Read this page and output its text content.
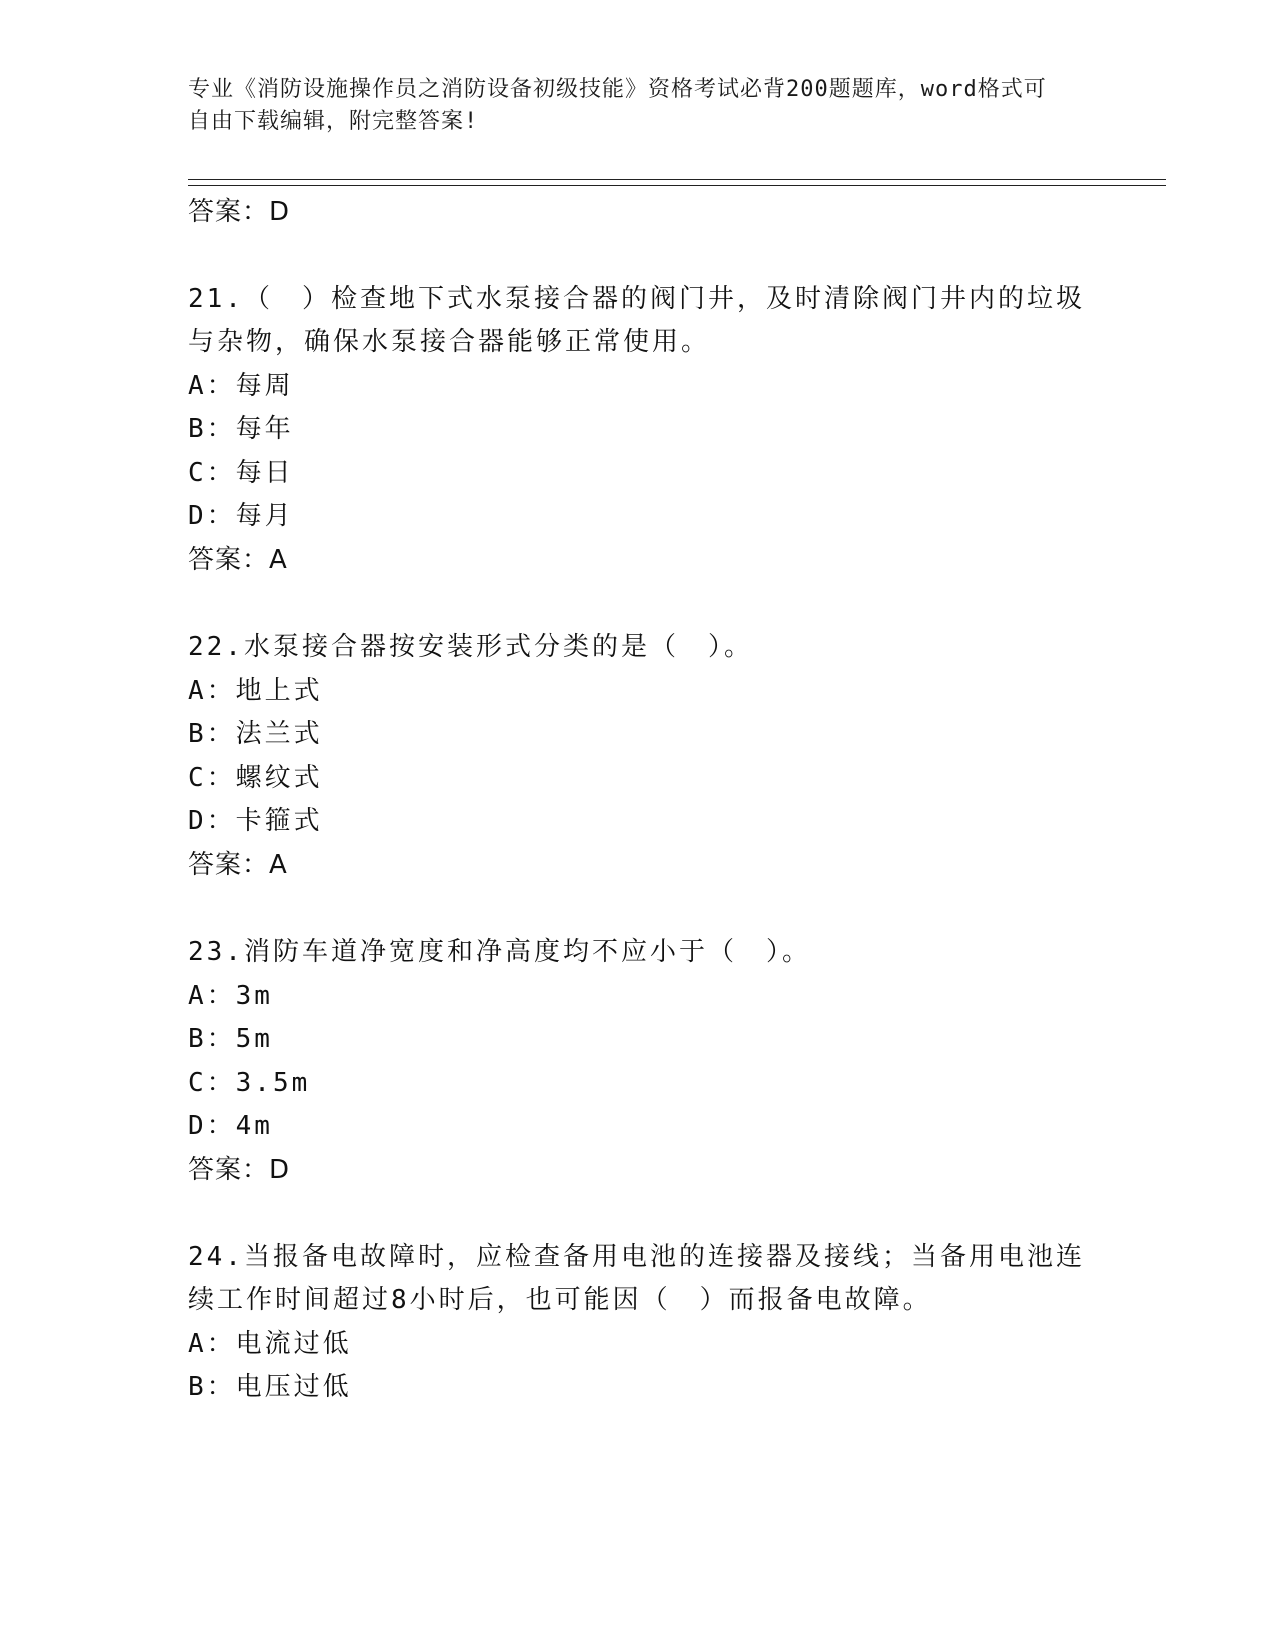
专业《消防设施操作员之消防设备初级技能》资格考试必背200题题库，word格式可自由下载编辑，附完整答案!
答案：D
21.（　）检查地下式水泵接合器的阀门井，及时清除阀门井内的垃圾
与杂物，确保水泵接合器能够正常使用。
A：每周
B：每年
C：每日
D：每月
答案：A
22.水泵接合器按安装形式分类的是（　）。
A：地上式
B：法兰式
C：螺纹式
D：卡箍式
答案：A
23.消防车道净宽度和净高度均不应小于（　）。
A：3m
B：5m
C：3.5m
D：4m
答案：D
24.当报备电故障时，应检查备用电池的连接器及接线；当备用电池连
续工作时间超过8小时后，也可能因（　）而报备电故障。
A：电流过低
B：电压过低
